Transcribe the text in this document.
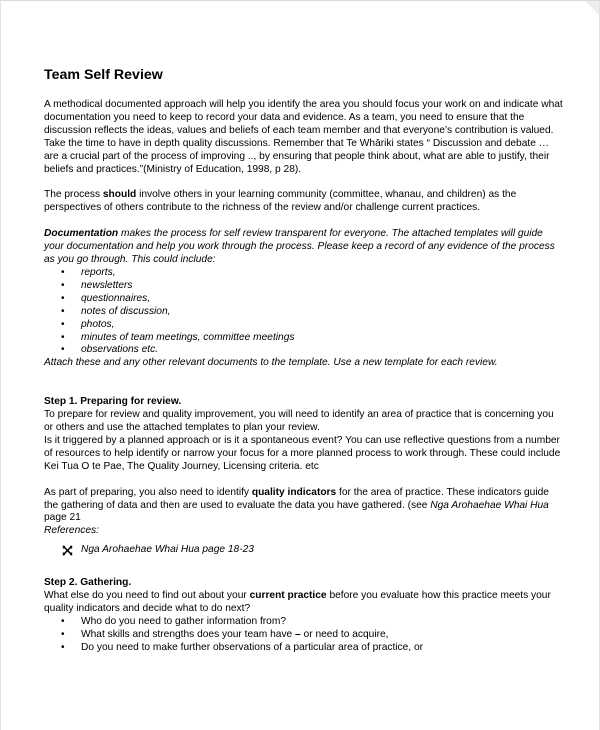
Team Self Review

A methodical documented approach will help you identify the area you should focus your work on and indicate what documentation you need to keep to record your data and evidence. As a team, you need to ensure that the discussion reflects the ideas, values and beliefs of each team member and that everyone’s contribution is valued. Take the time to have in depth quality discussions. Remember that Te Whāriki states “ Discussion and debate … are a crucial part of the process of improving .., by ensuring that people think about, what are able to justify, their beliefs and practices.”(Ministry of Education, 1998, p 28).

The process should involve others in your learning community (committee, whanau, and children) as the perspectives of others contribute to the richness of the review and/or challenge current practices.

Documentation makes the process for self review transparent for everyone. The attached templates will guide your documentation and help you work through the process. Please keep a record of any evidence of the process as you go through. This could include:

• reports,
• newsletters
• questionnaires,
• notes of discussion,
• photos,
• minutes of team meetings, committee meetings
• observations etc.

Attach these and any other relevant documents to the template. Use a new template for each review.

Step 1. Preparing for review.

To prepare for review and quality improvement, you will need to identify an area of practice that is concerning you or others and use the attached templates to plan your review.

Is it triggered by a planned approach or is it a spontaneous event? You can use reflective questions from a number of resources to help identify or narrow your focus for a more planned process to work through. These could include Kei Tua O te Pae, The Quality Journey, Licensing criteria. etc

As part of preparing, you also need to identify quality indicators for the area of practice. These indicators guide the gathering of data and then are used to evaluate the data you have gathered. (see Nga Arohaehae Whai Hua
page 21

References:

Nga Arohaehae Whai Hua page 18-23

Step 2. Gathering.

What else do you need to find out about your current practice before you evaluate how this practice meets your quality indicators and decide what to do next?

• Who do you need to gather information from?
• What skills and strengths does your team have – or need to acquire,
• Do you need to make further observations of a particular area of practice, or
